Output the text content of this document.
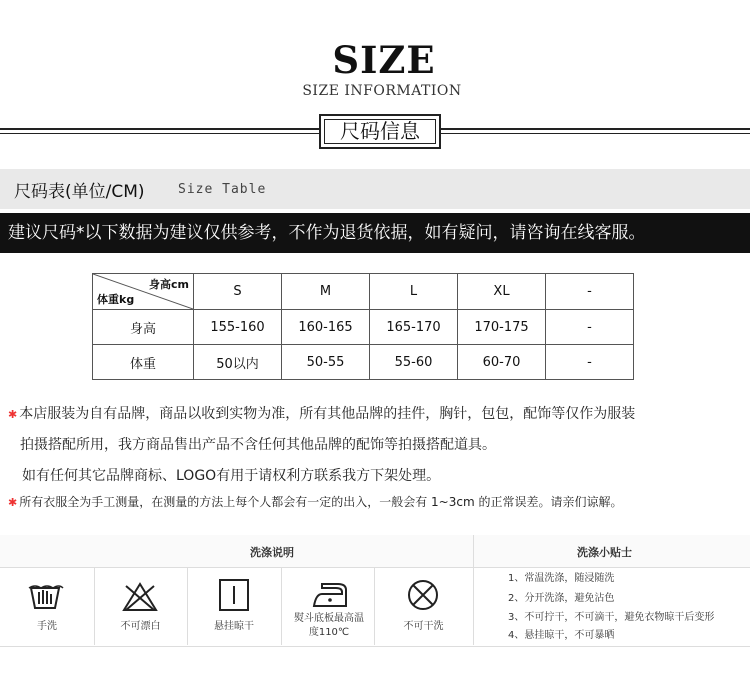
SIZE
SIZE INFORMATION
尺码信息
尺码表(单位/CM)	Size Table
建议尺码*以下数据为建议仅供参考，不作为退货依据，如有疑问，请咨询在线客服。
身高cm
体重kg	S	M	L	XL	-
身高	155-160	160-165	165-170	170-175	-
体重	50以内	50-55	55-60	60-70	-
✱ 本店服装为自有品牌，商品以收到实物为准，所有其他品牌的挂件，胸针，包包，配饰等仅作为服装
拍摄搭配所用，我方商品售出产品不含任何其他品牌的配饰等拍摄搭配道具。
如有任何其它品牌商标、LOGO有用于请权利方联系我方下架处理。
✱ 所有衣服全为手工测量，在测量的方法上每个人都会有一定的出入，一般会有 1~3cm 的正常误差。请亲们谅解。
洗涤说明	洗涤小贴士
手洗	不可漂白	悬挂晾干
熨斗底板最高温度110℃
不可干洗
1、常温洗涤，随浸随洗
2、分开洗涤，避免沾色
3、不可拧干，不可滴干，避免衣物晾干后变形
4、悬挂晾干，不可暴晒
